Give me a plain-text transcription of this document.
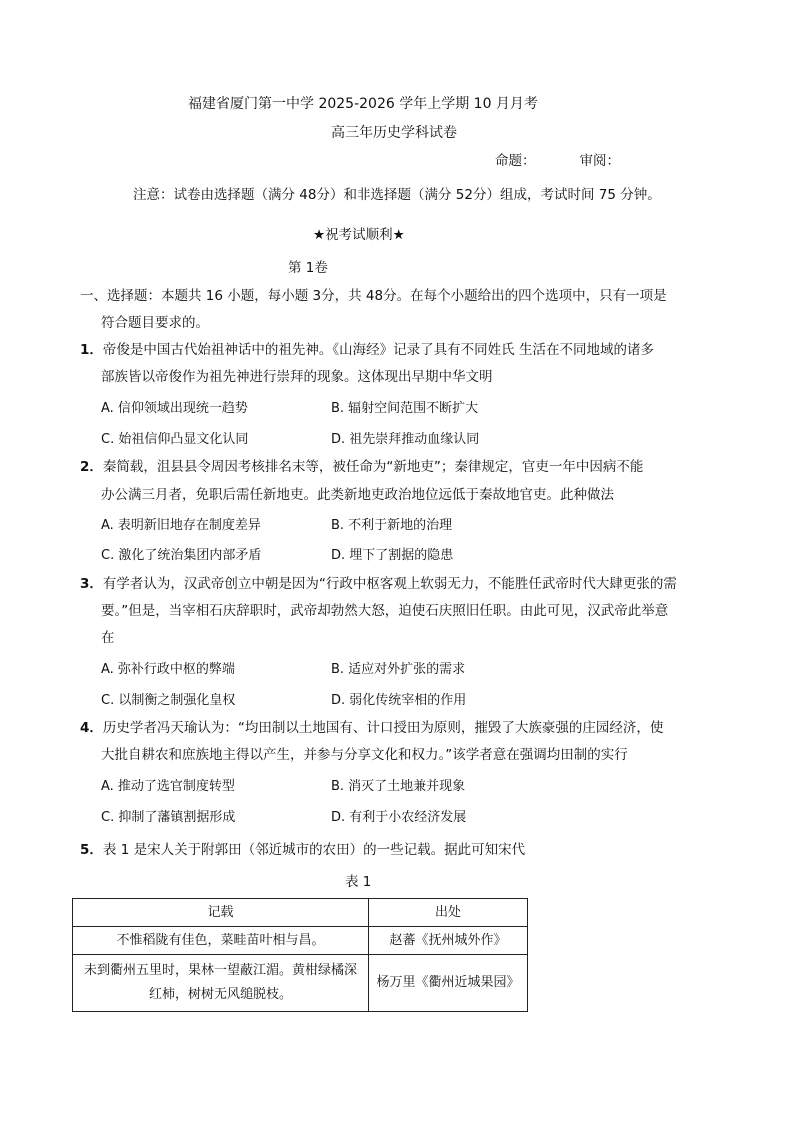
福建省厦门第一中学 2025-2026 学年上学期 10 月月考
高三年历史学科试卷
命题：	审阅：
注意：试卷由选择题（满分 48分）和非选择题（满分 52分）组成，考试时间 75 分钟。
★祝考试顺利★
第 1卷
一、选择题：本题共 16 小题，每小题 3分，共 48分。在每个小题给出的四个选项中，只有一项是
符合题目要求的。
1．帝俊是中国古代始祖神话中的祖先神。《山海经》记录了具有不同姓氏 生活在不同地域的诸多
部族皆以帝俊作为祖先神进行崇拜的现象。这体现出早期中华文明
A. 信仰领域出现统一趋势	B. 辐射空间范围不断扩大
C. 始祖信仰凸显文化认同	D. 祖先崇拜推动血缘认同
2．秦简载，沮县县令周因考核排名末等，被任命为“新地吏”；秦律规定，官吏一年中因病不能
办公满三月者，免职后需任新地吏。此类新地吏政治地位远低于秦故地官吏。此种做法
A. 表明新旧地存在制度差异	B. 不利于新地的治理
C. 激化了统治集团内部矛盾	D. 埋下了割据的隐患
3．有学者认为，汉武帝创立中朝是因为“行政中枢客观上软弱无力，不能胜任武帝时代大肆更张的需
要。”但是，当宰相石庆辞职时，武帝却勃然大怒，迫使石庆照旧任职。由此可见，汉武帝此举意
在
A. 弥补行政中枢的弊端	B. 适应对外扩张的需求
C. 以制衡之制强化皇权	D. 弱化传统宰相的作用
4．历史学者冯天瑜认为：“均田制以土地国有、计口授田为原则，摧毁了大族豪强的庄园经济，使
大批自耕农和庶族地主得以产生，并参与分享文化和权力。”该学者意在强调均田制的实行
A. 推动了选官制度转型	B. 消灭了土地兼并现象
C. 抑制了藩镇割据形成	D. 有利于小农经济发展
5．表 1 是宋人关于附郭田（邻近城市的农田）的一些记载。据此可知宋代
表 1
记载	出处
不惟稻陇有佳色，菜畦苗叶相与昌。	赵蕃《抚州城外作》

未到衢州五里时，果林一望蔽江湄。黄柑绿橘深
红柿，树树无风缒脱枝。	杨万里《衢州近城果园》
